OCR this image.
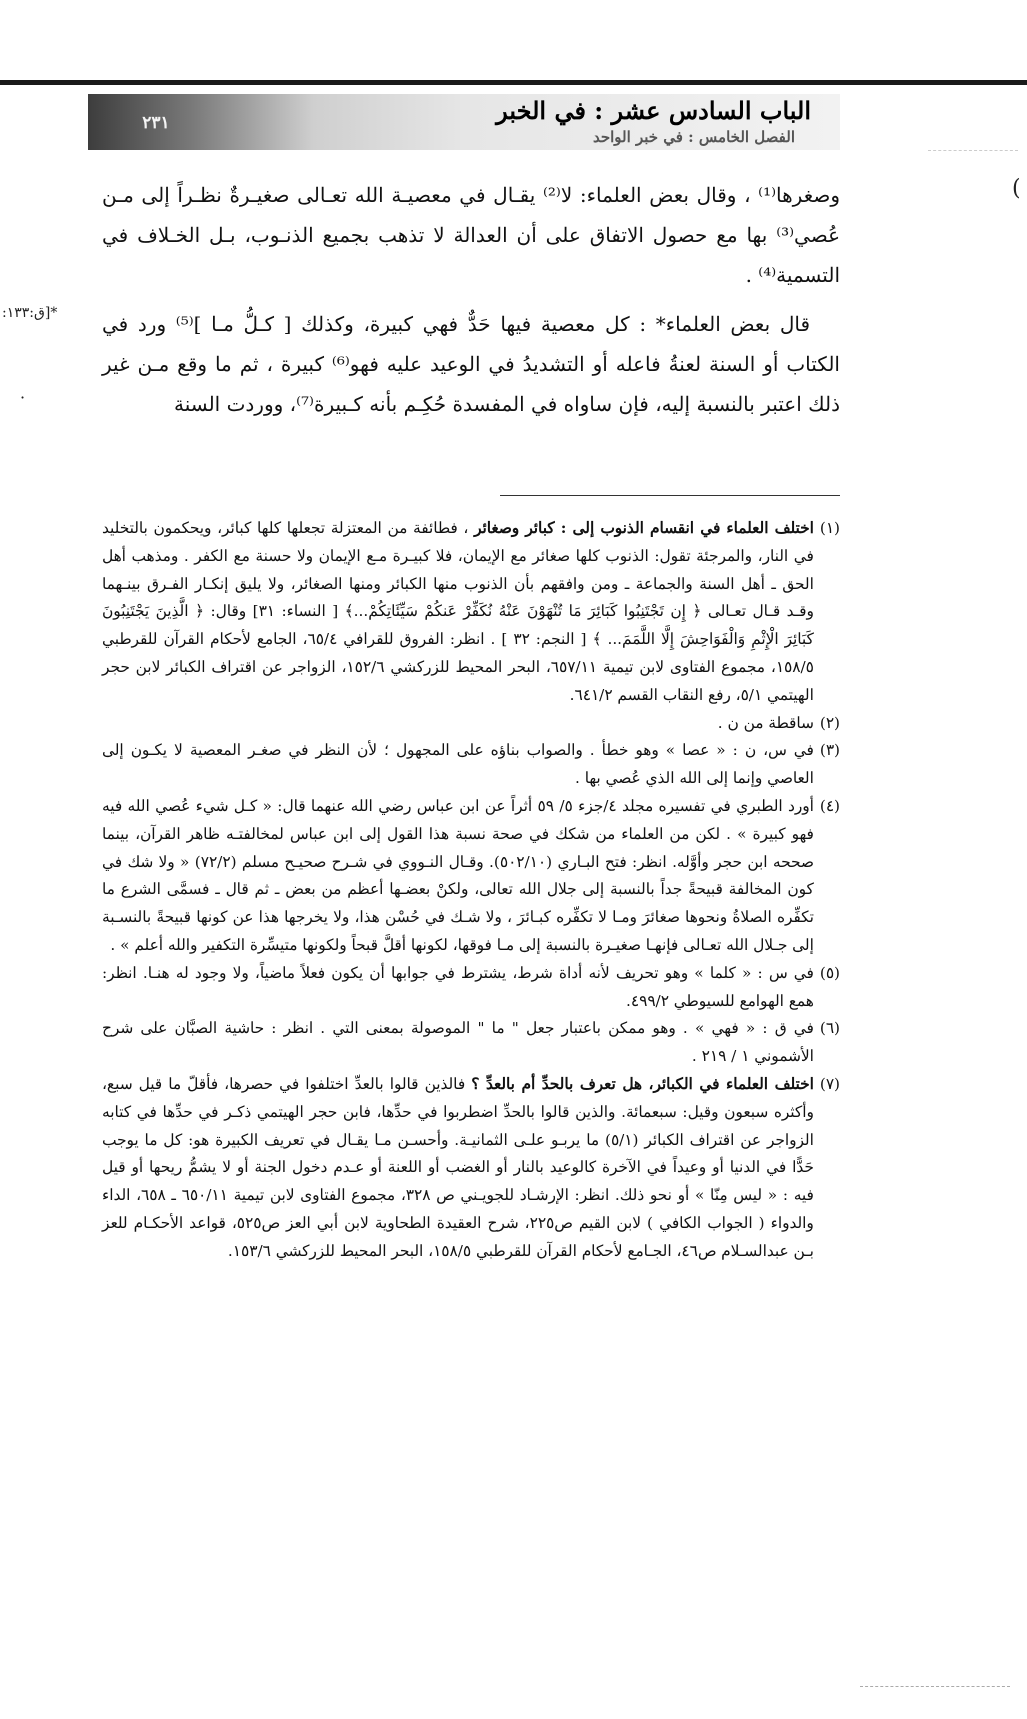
٢٣١	الباب السادس عشر : في الخبر
الفصل الخامس : في خبر الواحد
(

وصغرها⁽¹⁾ ، وقال بعض العلماء: لا⁽²⁾ يقـال في معصيـة الله تعـالى صغيـرةٌ نظـراً إلى مـن عُصي⁽³⁾ بها مع حصول الاتفاق على أن العدالة لا تذهب بجميع الذنـوب، بـل الخـلاف في التسمية⁽⁴⁾ .

قال بعض العلماء* : كل معصية فيها حَدٌّ فهي كبيرة، وكذلك [ كـلُّ مـا ]⁽⁵⁾ ورد في الكتاب أو السنة لعنةُ فاعله أو التشديدُ في الوعيد عليه فهو⁽⁶⁾ كبيرة ، ثم ما وقع مـن غير ذلك اعتبر بالنسبة إليه، فإن ساواه في المفسدة حُكِـم بأنه كـبيرة⁽⁷⁾، ووردت السنة

*[ق:١٣٣:
·
(١)
اختلف العلماء في انقسام الذنوب إلى : كبائر وصغائر ، فطائفة من المعتزلة تجعلها كلها كبائر، ويحكمون بالتخليد في النار، والمرجئة تقول: الذنوب كلها صغائر مع الإيمان، فلا كبيـرة مـع الإيمان ولا حسنة مع الكفر . ومذهب أهل الحق ـ أهل السنة والجماعة ـ ومن وافقهم بأن الذنوب منها الكبائر ومنها الصغائر، ولا يليق إنكـار الفـرق بينـهما وقـد قـال تعـالى ﴿ إِن تَجْتَنِبُوا كَبَائِرَ مَا تُنْهَوْنَ عَنْهُ نُكَفِّرْ عَنكُمْ سَيِّئَاتِكُمْ...﴾ [ النساء: ٣١] وقال: ﴿ الَّذِينَ يَجْتَنِبُونَ كَبَائِرَ الْإِثْمِ وَالْفَوَاحِشَ إِلَّا اللَّمَمَ... ﴾ [ النجم: ٣٢ ] . انظر: الفروق للقرافي ٦٥/٤، الجامع لأحكام القرآن للقرطبي ١٥٨/٥، مجموع الفتاوى لابن تيمية ٦٥٧/١١، البحر المحيط للزركشي ١٥٢/٦، الزواجر عن اقتراف الكبائر لابن حجر الهيتمي ٥/١، رفع النقاب القسم ٦٤١/٢.
(٢)
ساقطة من ن .
(٣)
في س، ن : « عصا » وهو خطأ . والصواب بناؤه على المجهول ؛ لأن النظر في صغـر المعصية لا يكـون إلى العاصي وإنما إلى الله الذي عُصي بها .
(٤)
أورد الطبري في تفسيره مجلد ٤/جزء ٥/ ٥٩ أثراً عن ابن عباس رضي الله عنهما قال: « كـل شيء عُصي الله فيه فهو كبيرة » . لكن من العلماء من شكك في صحة نسبة هذا القول إلى ابن عباس لمخالفتـه ظاهر القرآن، بينما صححه ابن حجر وأوَّله. انظر: فتح البـاري (٥٠٢/١٠). وقـال النـووي في شـرح صحيـح مسلم (٧٢/٢) « ولا شك في كون المخالفة قبيحةً جداً بالنسبة إلى جلال الله تعالى، ولكنْ بعضـها أعظم من بعض ـ ثم قال ـ فسمَّى الشرع ما تكفِّره الصلاةُ ونحوها صغائرَ ومـا لا تكفِّره كبـائرَ ، ولا شـك في حُسْن هذا، ولا يخرجها هذا عن كونها قبيحةً بالنسـبة إلى جـلال الله تعـالى فإنهـا صغيـرة بالنسبة إلى مـا فوقها، لكونها أقلَّ قبحاً ولكونها متيسِّرة التكفير والله أعلم » .
(٥)
في س : « كلما » وهو تحريف لأنه أداة شرط، يشترط في جوابها أن يكون فعلاً ماضياً، ولا وجود له هنـا. انظر: همع الهوامع للسيوطي ٤٩٩/٢.
(٦)
في ق : « فهي » . وهو ممكن باعتبار جعل " ما " الموصولة بمعنى التي . انظر : حاشية الصبَّان على شرح الأشموني ١ / ٢١٩ .
(٧)
اختلف العلماء في الكبائر، هل تعرف بالحدِّ أم بالعدِّ ؟ فالذين قالوا بالعدِّ اختلفوا في حصرها، فأقلّ ما قيل سبع، وأكثره سبعون وقيل: سبعمائة. والذين قالوا بالحدِّ اضطربوا في حدِّها، فابن حجر الهيتمي ذكـر في حدِّها في كتابه الزواجر عن اقتراف الكبائر (٥/١) ما يربـو علـى الثمانيـة. وأحسـن مـا يقـال في تعريف الكبيرة هو: كل ما يوجب حَدًّا في الدنيا أو وعيداً في الآخرة كالوعيد بالنار أو الغضب أو اللعنة أو عـدم دخول الجنة أو لا يشمُّ ريحها أو قيل فيه : « ليس مِنّا » أو نحو ذلك. انظر: الإرشـاد للجويـني ص ٣٢٨، مجموع الفتاوى لابن تيمية ٦٥٠/١١ ـ ٦٥٨، الداء والدواء ( الجواب الكافي ) لابن القيم ص٢٢٥، شرح العقيدة الطحاوية لابن أبي العز ص٥٢٥، قواعد الأحكـام للعز بـن عبدالسـلام ص٤٦، الجـامع لأحكام القرآن للقرطبي ١٥٨/٥، البحر المحيط للزركشي ١٥٣/٦.
